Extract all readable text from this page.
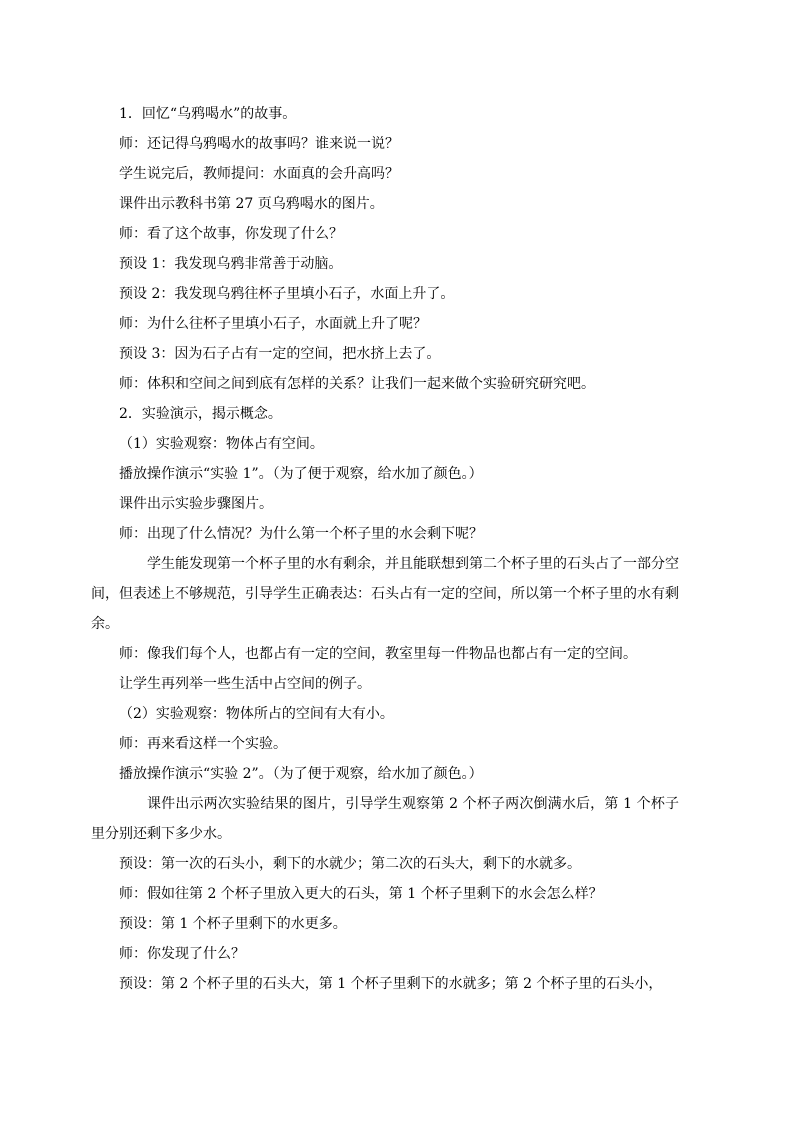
1．回忆“乌鸦喝水”的故事。

师：还记得乌鸦喝水的故事吗？谁来说一说？

学生说完后，教师提问：水面真的会升高吗？

课件出示教科书第 27 页乌鸦喝水的图片。

师：看了这个故事，你发现了什么？

预设 1：我发现乌鸦非常善于动脑。

预设 2：我发现乌鸦往杯子里填小石子，水面上升了。

师：为什么往杯子里填小石子，水面就上升了呢？

预设 3：因为石子占有一定的空间，把水挤上去了。

师：体积和空间之间到底有怎样的关系？让我们一起来做个实验研究研究吧。

2．实验演示，揭示概念。

（1）实验观察：物体占有空间。

播放操作演示“实验 1”。（为了便于观察，给水加了颜色。）

课件出示实验步骤图片。

师：出现了什么情况？为什么第一个杯子里的水会剩下呢？

学生能发现第一个杯子里的水有剩余，并且能联想到第二个杯子里的石头占了一部分空间，但表述上不够规范，引导学生正确表达：石头占有一定的空间，所以第一个杯子里的水有剩余。

师：像我们每个人，也都占有一定的空间，教室里每一件物品也都占有一定的空间。

让学生再列举一些生活中占空间的例子。

（2）实验观察：物体所占的空间有大有小。

师：再来看这样一个实验。

播放操作演示“实验 2”。（为了便于观察，给水加了颜色。）

课件出示两次实验结果的图片，引导学生观察第 2 个杯子两次倒满水后，第 1 个杯子里分别还剩下多少水。

预设：第一次的石头小，剩下的水就少；第二次的石头大，剩下的水就多。

师：假如往第 2 个杯子里放入更大的石头，第 1 个杯子里剩下的水会怎么样？

预设：第 1 个杯子里剩下的水更多。

师：你发现了什么？

预设：第 2 个杯子里的石头大，第 1 个杯子里剩下的水就多；第 2 个杯子里的石头小，
